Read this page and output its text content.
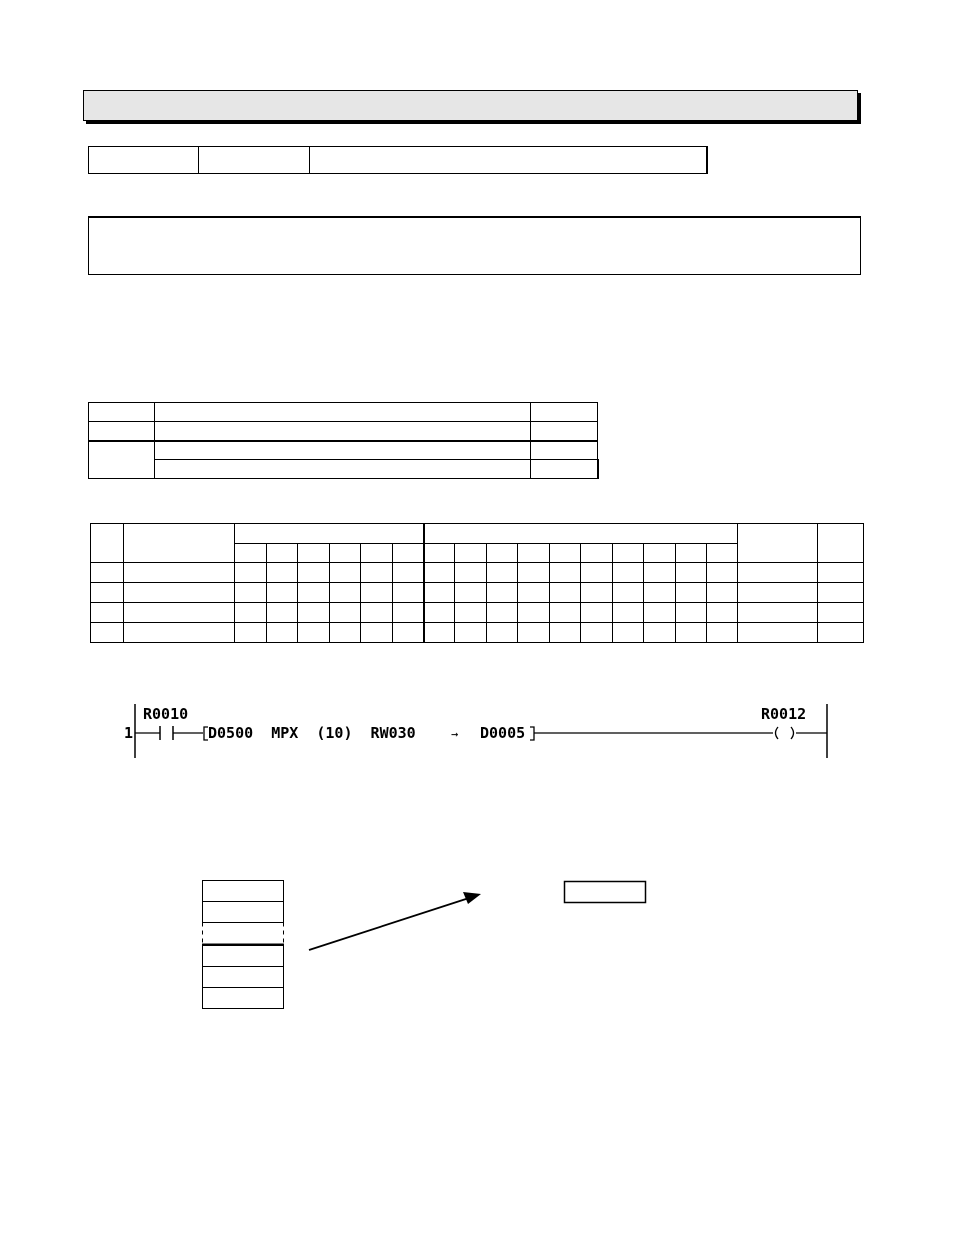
1
R0010
D0500  MPX  (10)  RW030	→ D0005
R0012
